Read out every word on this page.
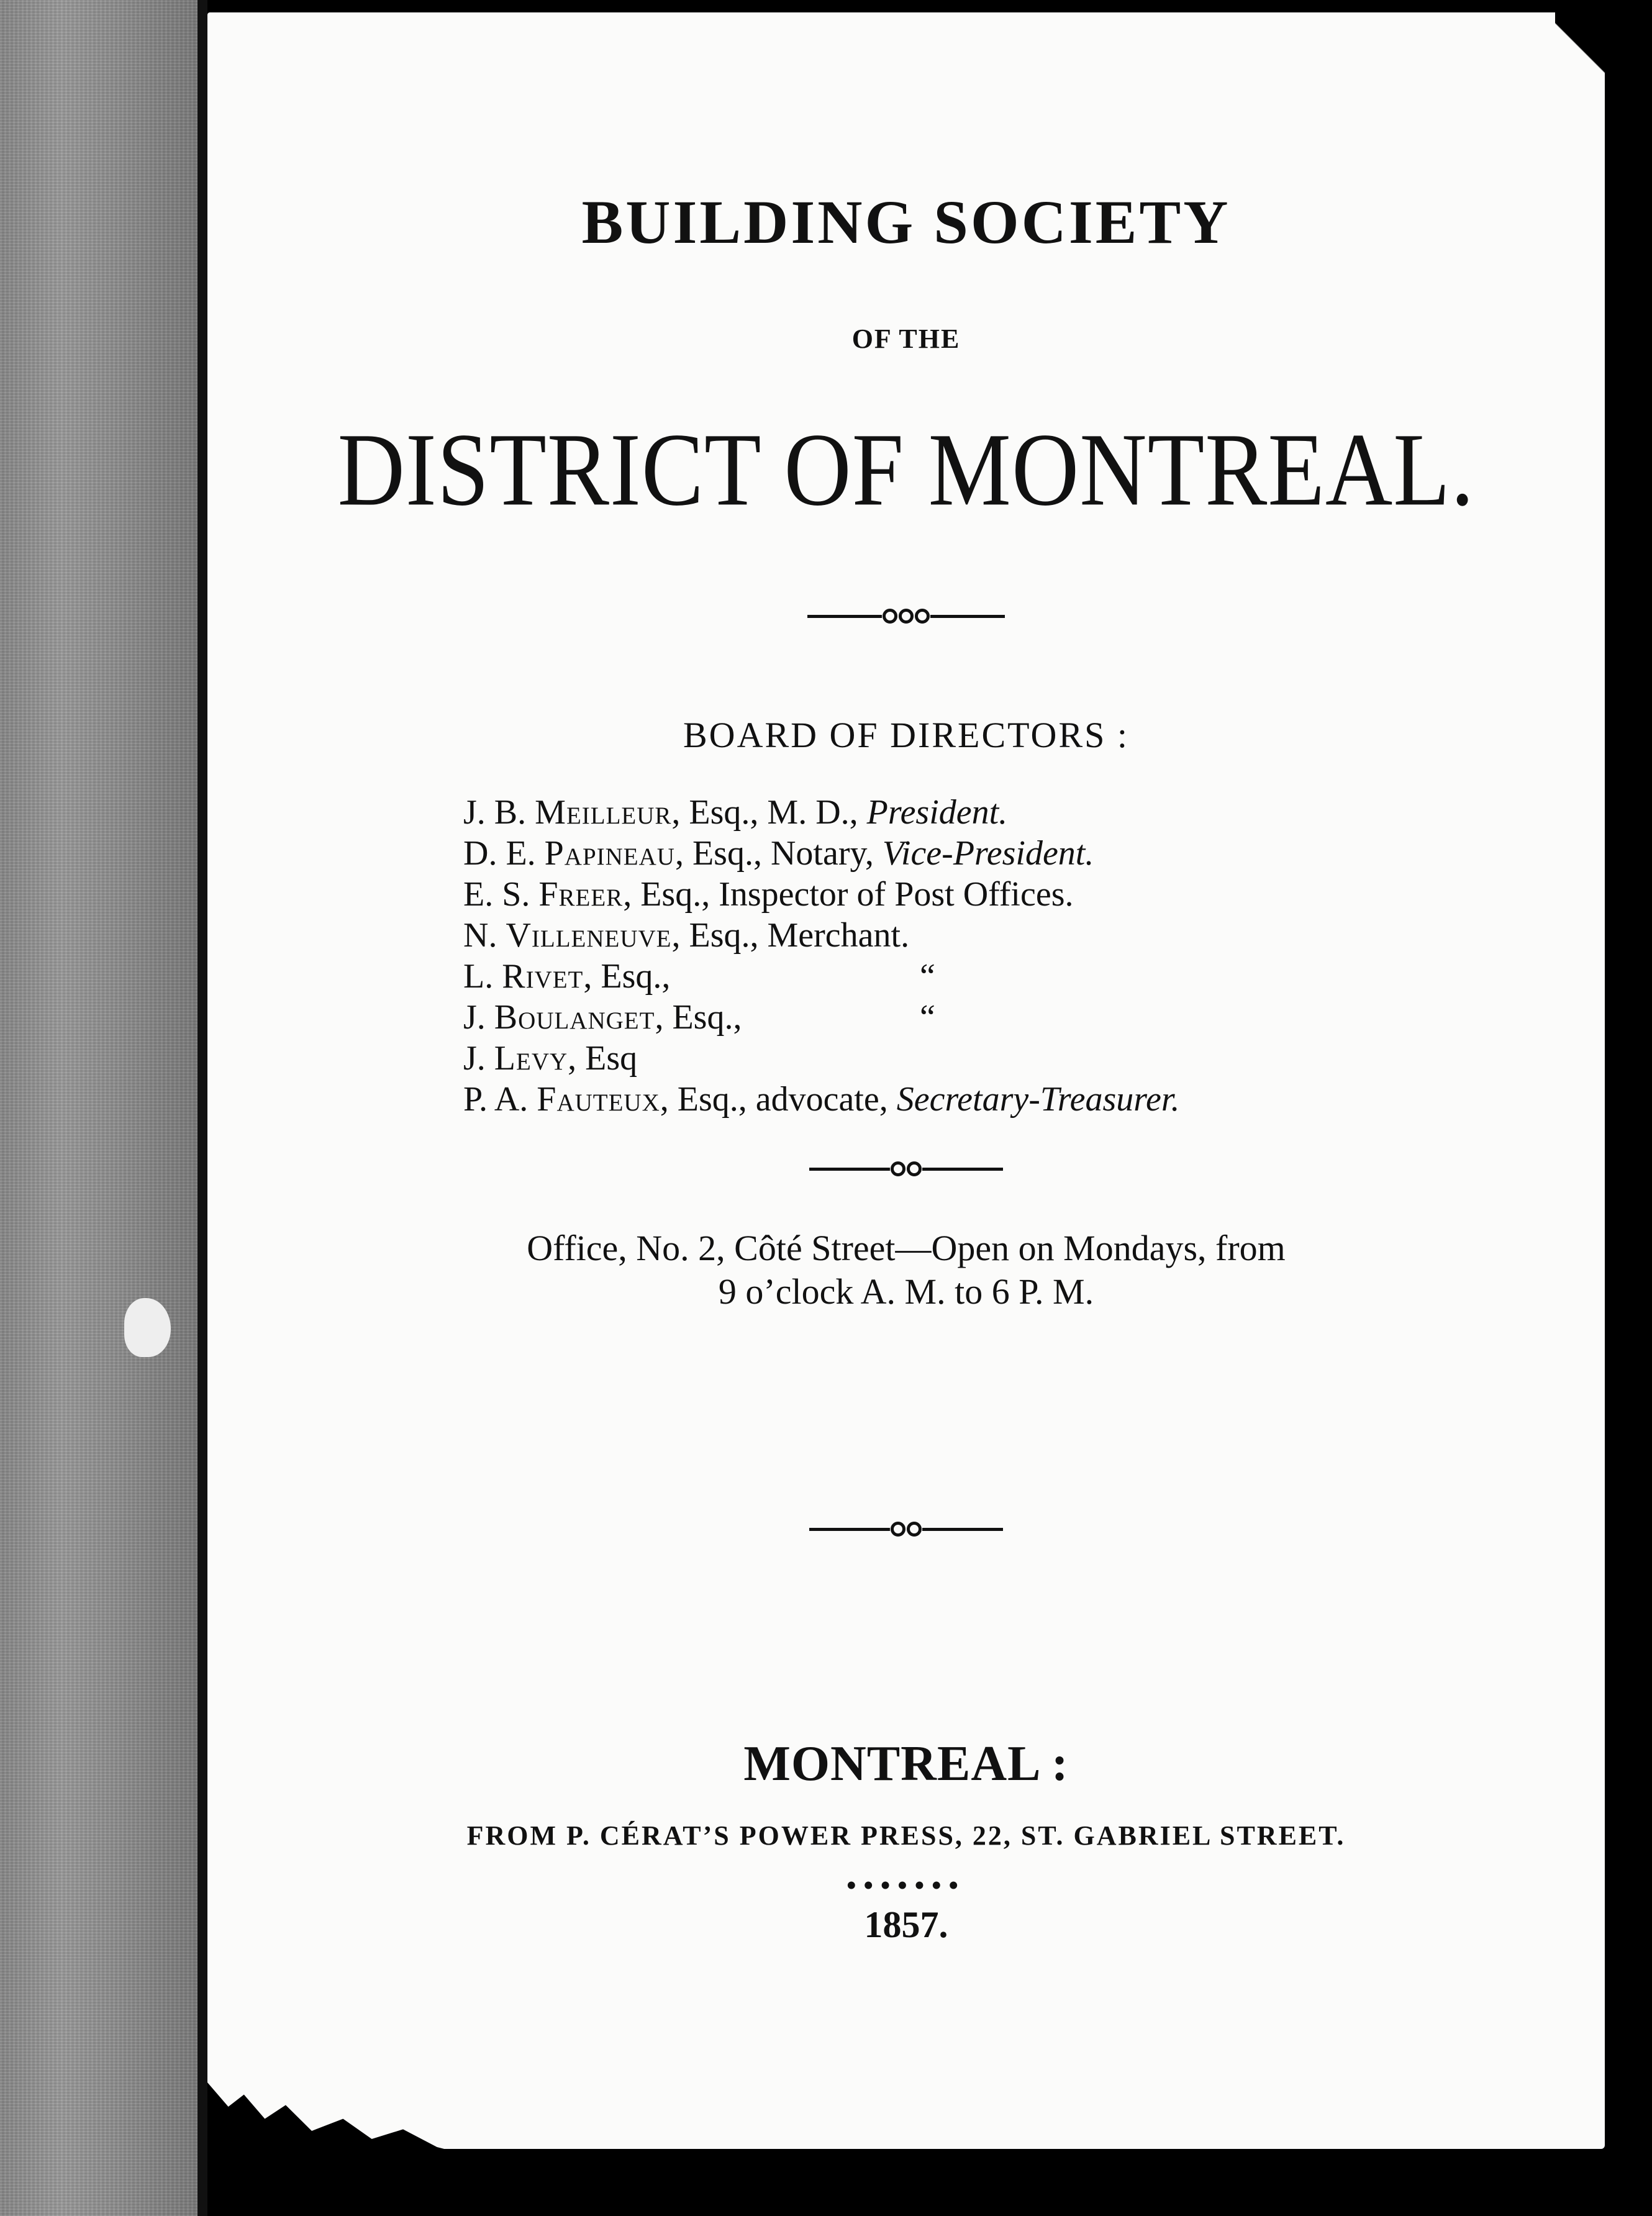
BUILDING SOCIETY
OF THE
DISTRICT OF MONTREAL.
BOARD OF DIRECTORS :
J. B. Meilleur, Esq., M. D., President.
D. E. Papineau, Esq., Notary, Vice-President.
E. S. Freer, Esq., Inspector of Post Offices.
N. Villeneuve, Esq., Merchant.
L. Rivet, Esq.,	“
J. Boulanget, Esq.,	“
J. Levy, Esq
P. A. Fauteux, Esq., advocate, Secretary-Treasurer.
Office, No. 2, Côté Street—Open on Mondays, from
9 o’clock A. M. to 6 P. M.
MONTREAL :
FROM P. CÉRAT’S POWER PRESS, 22, ST. GABRIEL STREET.
•••••••
1857.
